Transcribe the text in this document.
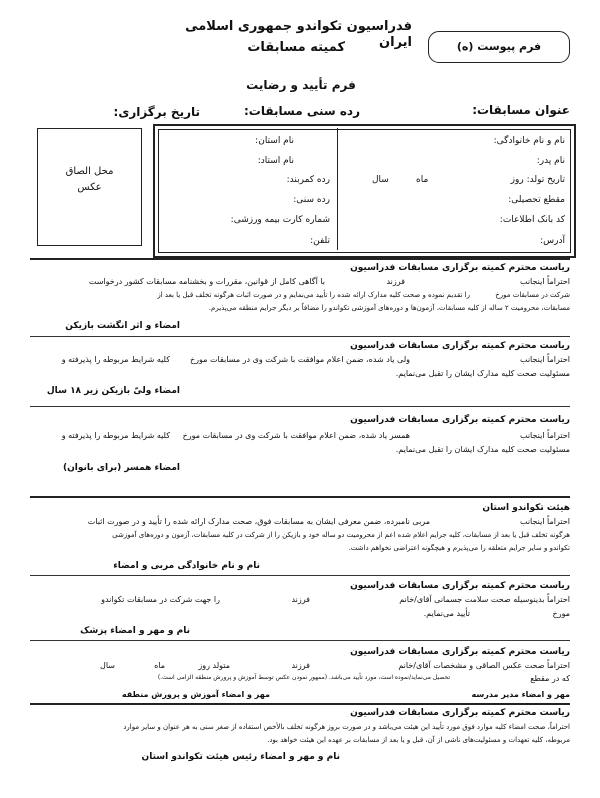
فدراسیون تکواندو جمهوری اسلامی ایران
کمیته مسابقات	فرم پیوست (ه)
فرم تأیید و رضایت
عنوان مسابقات:
رده سنی مسابقات:
تاریخ برگزاری:
محل الصاق
عکس
نام و نام خانوادگی:
نام پدر:
تاریخ تولد: روز
ماه
سال
مقطع تحصیلی:
کد بانک اطلاعات:
آدرس:
نام استان:
نام استاد:
رده کمربند:
رده سنی:
شماره کارت بیمه ورزشی:
تلفن:
ریاست محترم کمیته برگزاری مسابقات فدراسیون
احتراماً اینجانب
فرزند
با آگاهی کامل از قوانین، مقررات و بخشنامه مسابقات کشور درخواست
شرکت در مسابقات مورخ
را تقدیم نموده و صحت کلیه مدارک ارائه شده را تأیید می‌نمایم و در صورت اثبات هرگونه تخلف قبل یا بعد از
مسابقات، محرومیت ۲ ساله از کلیه مسابقات، آزمون‌ها و دوره‌های آموزشی تکواندو را مضافاً بر دیگر جرایم منطقه می‌پذیرم.
امضاء و اثر انگشت بازیکن
ریاست محترم کمیته برگزاری مسابقات فدراسیون
احتراماً اینجانب
ولی یاد شده، ضمن اعلام موافقت با شرکت وی در مسابقات مورخ
کلیه شرایط مربوطه را پذیرفته و
مسئولیت صحت کلیه مدارک ایشان را تقبل می‌نمایم.
امضاء ولیّ بازیکن زیر ۱۸ سال
ریاست محترم کمیته برگزاری مسابقات فدراسیون
احتراماً اینجانب
همسر یاد شده، ضمن اعلام موافقت با شرکت وی در مسابقات مورخ
کلیه شرایط مربوطه را پذیرفته و
مسئولیت صحت کلیه مدارک ایشان را تقبل می‌نمایم.
امضاء همسر (برای بانوان)
هیئت تکواندو استان
احتراماً اینجانب
مربی نامبرده، ضمن معرفی ایشان به مسابقات فوق، صحت مدارک ارائه شده را تأیید و در صورت اثبات
هرگونه تخلف قبل یا بعد از مسابقات، کلیه جرایم اعلام شده اعم از محرومیت دو ساله خود و بازیکن را از شرکت در کلیه مسابقات، آزمون و دوره‌های آموزشی
تکواندو و سایر جرایم متعلقه را می‌پذیرم و هیچگونه اعتراضی نخواهم داشت.
نام و نام خانوادگی مربی و امضاء
ریاست محترم کمیته برگزاری مسابقات فدراسیون
احتراماً بدینوسیله صحت سلامت جسمانی آقای/خانم
فرزند
را جهت شرکت در مسابقات تکواندو
مورخ
تأیید می‌نمایم.
نام و مهر و امضاء پزشک
ریاست محترم کمیته برگزاری مسابقات فدراسیون
احتراماً صحت عکس الصاقی و مشخصات آقای/خانم
فرزند
متولد روز
ماه
سال
که در مقطع
تحصیل می‌نماید/نموده است، مورد تأیید می‌باشد. (ممهور نمودن عکس توسط آموزش و پرورش منطقه الزامی است.)
مهر و امضاء مدیر مدرسه
مهر و امضاء آموزش و پرورش منطقه
ریاست محترم کمیته برگزاری مسابقات فدراسیون
احتراماً، صحت امضاء کلیه موارد فوق مورد تأیید این هیئت می‌باشد و در صورت بروز هرگونه تخلف بالأخص استفاده از صغر سنی به هر عنوان و سایر موارد
مربوطه، کلیه تعهدات و مسئولیت‌های ناشی از آن، قبل و یا بعد از مسابقات بر عهده این هیئت خواهد بود.
نام و مهر و امضاء رئیس هیئت تکواندو استان
